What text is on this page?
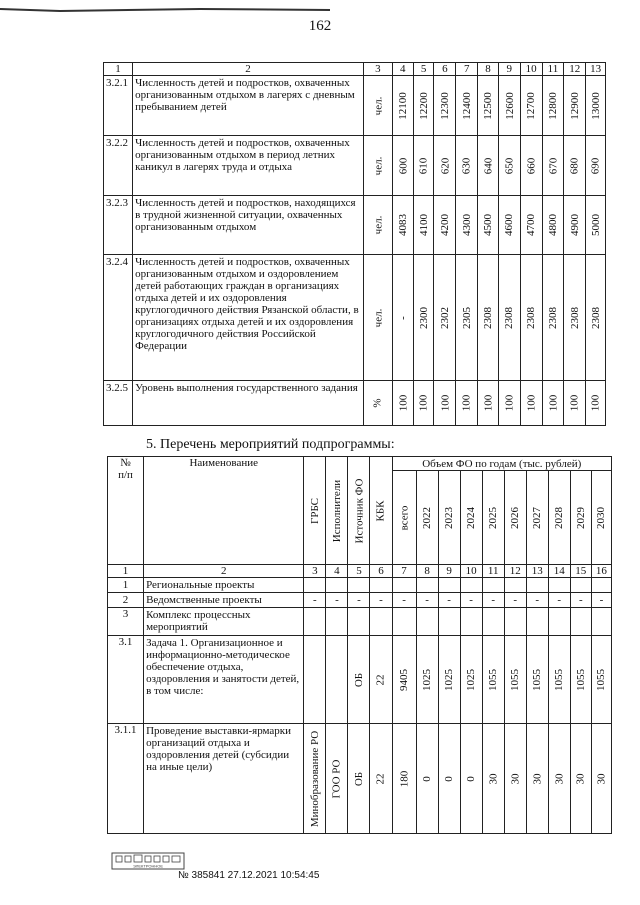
162
1	2	3	4	5	6	7	8	9	10	11	12	13
3.2.1	Численность детей и подростков, охваченных организованным отдыхом в лагерях с дневным пребыванием детей	чел.	12100	12200	12300	12400	12500	12600	12700	12800	12900	13000

3.2.2	Численность детей и подростков, охваченных организованным отдыхом в период летних каникул в лагерях труда и отдыха	чел.	600	610	620	630	640	650	660	670	680	690

3.2.3	Численность детей и подростков, находящихся в трудной жизненной ситуации, охваченных организованным отдыхом	чел.	4083	4100	4200	4300	4500	4600	4700	4800	4900	5000

3.2.4	Численность детей и подростков, охваченных организованным отдыхом и оздоровлением детей работающих граждан в организациях отдыха детей и их оздоровления круглогодичного действия Рязанской области, в организациях отдыха детей и их оздоровления круглогодичного действия Российской Федерации	чел.	-	2300	2302	2305	2308	2308	2308	2308	2308	2308

3.2.5	Уровень выполнения государственного задания	%	100	100	100	100	100	100	100	100	100	100
5. Перечень мероприятий подпрограммы:
№
п/п	Наименование	ГРБС	Исполнители	Источник ФО	КБК	Объем ФО по годам (тыс. рублей)									

						всего	2022	2023	2024	2025	2026	2027	2028	2029	2030

1	2	3	4	5	6	7	8	9	10	11	12	13	14	15	16
1	Региональные проекты														
2	Ведомственные проекты	-	-	-	-	-	-	-	-	-	-	-	-	-	-
3	Комплекс процессных мероприятий														
3.1	Задача 1. Организационное и информационно-методическое обеспечение отдыха, оздоровления и занятости детей, в том числе:			ОБ	22	9405	1025	1025	1025	1055	1055	1055	1055	1055	1055

3.1.1	Проведение выставки-ярмарки организаций отдыха и оздоровления детей (субсидии на иные цели)	Минобразование РО	ГОО РО	ОБ	22	180	0	0	0	30	30	30	30	30	30
ЭЛЕКТРОННОЕ
№ 385841 27.12.2021 10:54:45
